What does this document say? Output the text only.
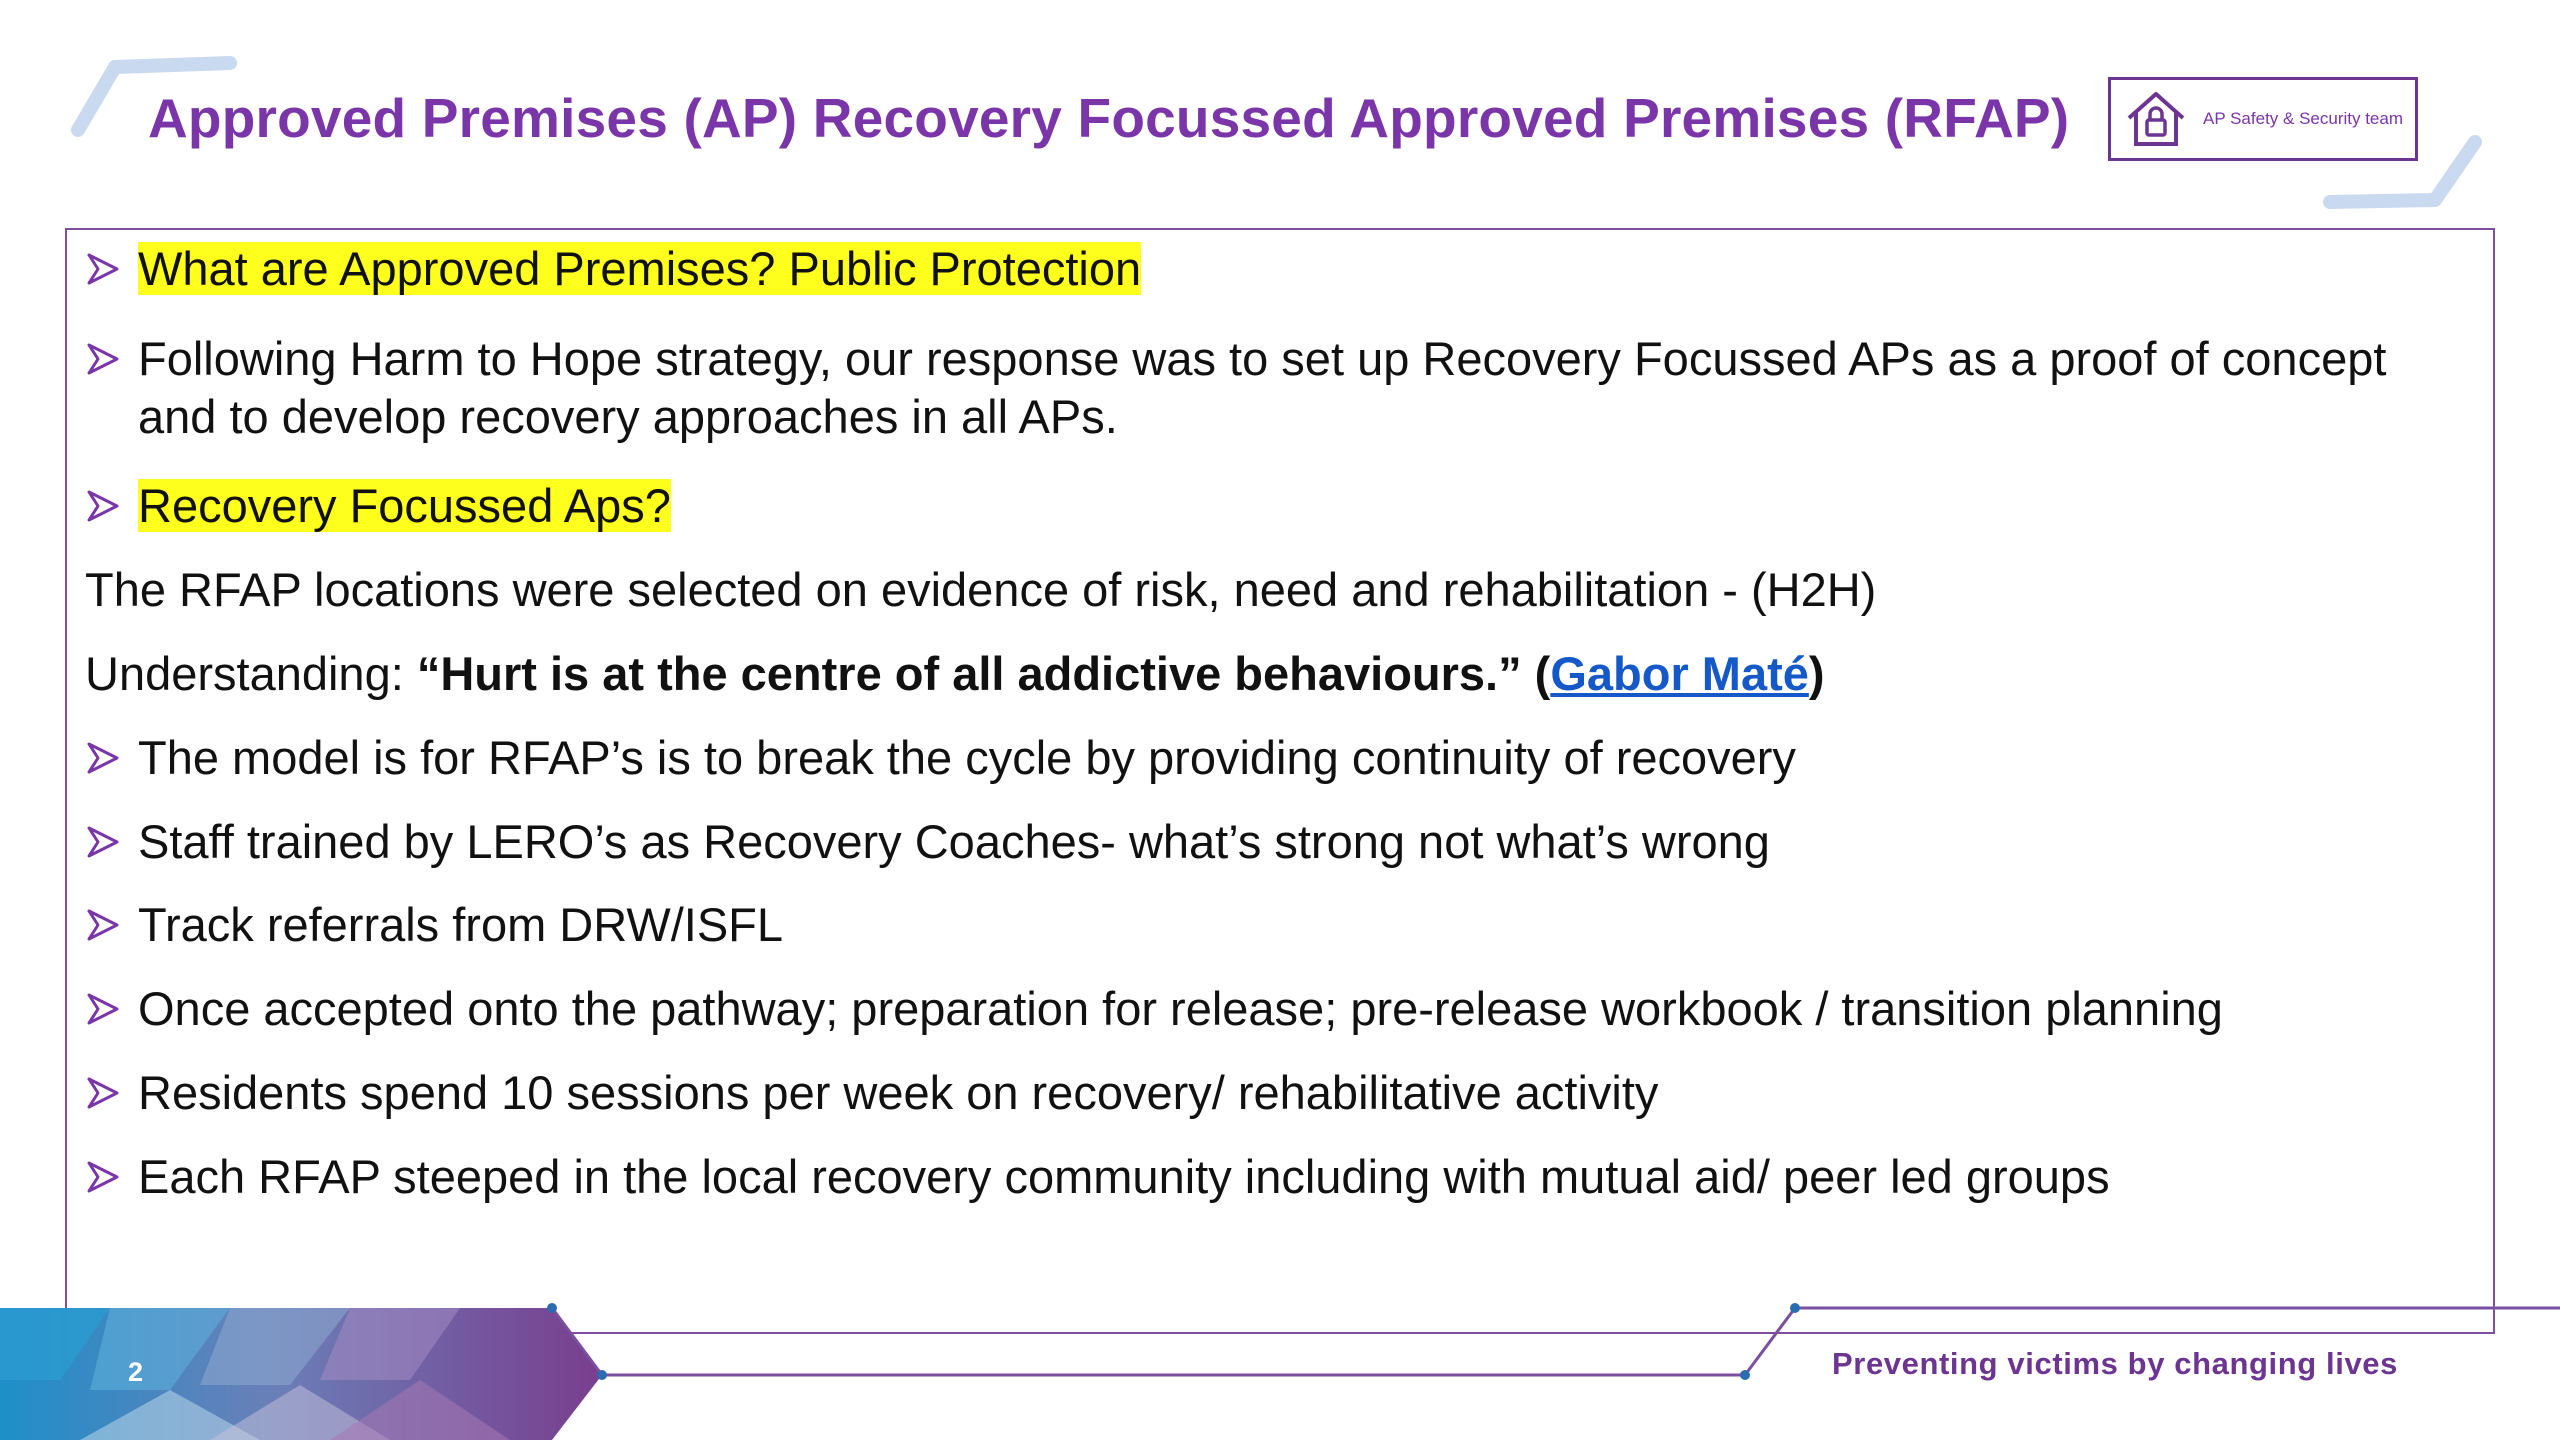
Approved Premises (AP) Recovery Focussed Approved Premises (RFAP)	AP Safety & Security team
What are Approved Premises? Public Protection
Following Harm to Hope strategy, our response was to set up Recovery Focussed APs as a proof of concept
and to develop recovery approaches in all APs.
Recovery Focussed Aps?
The RFAP locations were selected on evidence of risk, need and rehabilitation - (H2H)
Understanding: “Hurt is at the centre of all addictive behaviours.” (Gabor Maté)
The model is for RFAP’s is to break the cycle by providing continuity of recovery
Staff trained by LERO’s as Recovery Coaches- what’s strong not what’s wrong
Track referrals from DRW/ISFL
Once accepted onto the pathway; preparation for release; pre-release workbook / transition planning
Residents spend 10 sessions per week on recovery/ rehabilitative activity
Each RFAP steeped in the local recovery community including with mutual aid/ peer led groups
2	Preventing victims by changing lives
